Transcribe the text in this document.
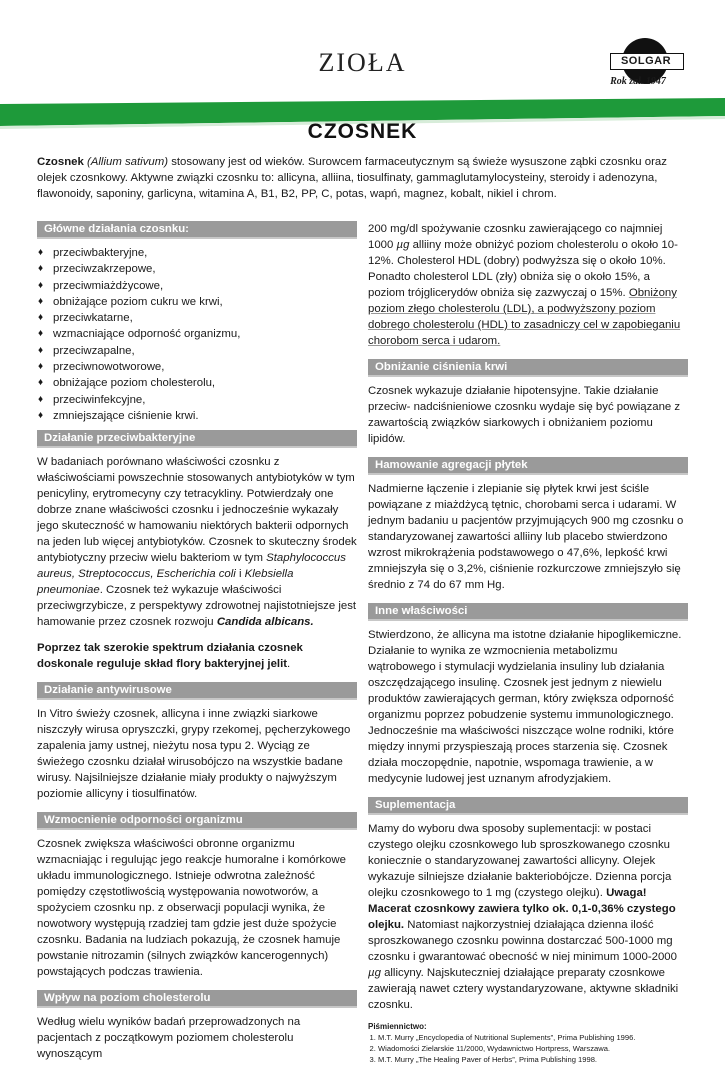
ZIOŁA	SOLGAR
Rok zał. 1947
CZOSNEK
Czosnek (Allium sativum) stosowany jest od wieków. Surowcem farmaceutycznym są świeże wysuszone ząbki czosnku oraz olejek czosnkowy. Aktywne związki czosnku to: allicyna, alliina, tiosulfinaty, gammaglutamylocysteiny, steroidy i adenozyna, flawonoidy, saponiny, garlicyna, witamina A, B1, B2, PP, C, potas, wapń, magnez, kobalt, nikiel i chrom.
Główne działania czosnku:
♦ przeciwbakteryjne,
♦ przeciwzakrzepowe,
♦ przeciwmiażdżycowe,
♦ obniżające poziom cukru we krwi,
♦ przeciwkatarne,
♦ wzmacniające odporność organizmu,
♦ przeciwzapalne,
♦ przeciwnowotworowe,
♦ obniżające poziom cholesterolu,
♦ przeciwinfekcyjne,
♦ zmniejszające ciśnienie krwi.
Działanie przeciwbakteryjne

W badaniach porównano właściwości czosnku z właściwościami powszechnie stosowanych antybiotyków w tym penicyliny, erytromecyny czy tetracykliny. Potwierdzały one dobrze znane właściwości czosnku i jednocześnie wykazały jego skuteczność w hamowaniu niektórych bakterii odpornych na jeden lub więcej antybiotyków. Czosnek to skuteczny środek antybiotyczny przeciw wielu bakteriom w tym Staphylococcus aureus, Streptococcus, Escherichia coli i Klebsiella pneumoniae. Czosnek też wykazuje właściwości przeciwgrzybicze, z perspektywy zdrowotnej najistotniejsze jest hamowanie przez czosnek rozwoju Candida albicans.

Poprzez tak szerokie spektrum działania czosnek doskonale reguluje skład flory bakteryjnej jelit.

Działanie antywirusowe

In Vitro świeży czosnek, allicyna i inne związki siarkowe niszczyły wirusa opryszczki, grypy rzekomej, pęcherzykowego zapalenia jamy ustnej, nieżytu nosa typu 2. Wyciąg ze świeżego czosnku działał wirusobójczo na wszystkie badane wirusy. Najsilniejsze działanie miały produkty o najwyższym poziomie allicyny i tiosulfinatów.

Wzmocnienie odporności organizmu

Czosnek zwiększa właściwości obronne organizmu wzmacniając i regulując jego reakcje humoralne i komórkowe układu immunologicznego. Istnieje odwrotna zależność pomiędzy częstotliwością występowania nowotworów, a spożyciem czosnku np. z obserwacji populacji wynika, że nowotwory występują rzadziej tam gdzie jest duże spożycie czosnku. Badania na ludziach pokazują, że czosnek hamuje powstanie nitrozamin (silnych związków kancerogennych) powstających podczas trawienia.

Wpływ na poziom cholesterolu

Według wielu wyników badań przeprowadzonych na pacjentach z początkowym poziomem cholesterolu wynoszącym

200 mg/dl spożywanie czosnku zawierającego co najmniej 1000 µg alliiny może obniżyć poziom cholesterolu o około 10-12%. Cholesterol HDL (dobry) podwyższa się o około 10%. Ponadto cholesterol LDL (zły) obniża się o około 15%, a poziom trójglicerydów obniża się zazwyczaj o 15%. Obniżony poziom złego cholesterolu (LDL), a podwyższony poziom dobrego cholesterolu (HDL) to zasadniczy cel w zapobieganiu chorobom serca i udarom.

Obniżanie ciśnienia krwi

Czosnek wykazuje działanie hipotensyjne. Takie działanie przeciw- nadciśnieniowe czosnku wydaje się być powiązane z zawartością związków siarkowych i obniżaniem poziomu lipidów.

Hamowanie agregacji płytek

Nadmierne łączenie i zlepianie się płytek krwi jest ściśle powiązane z miażdżycą tętnic, chorobami serca i udarami. W jednym badaniu u pacjentów przyjmujących 900 mg czosnku o standaryzowanej zawartości alliiny lub placebo stwierdzono wzrost mikrokrążenia podstawowego o 47,6%, lepkość krwi zmniejszyła się o 3,2%, ciśnienie rozkurczowe zmniejszyło się średnio z 74 do 67 mm Hg.

Inne właściwości

Stwierdzono, że allicyna ma istotne działanie hipoglikemiczne. Działanie to wynika ze wzmocnienia metabolizmu wątrobowego i stymulacji wydzielania insuliny lub działania oszczędzającego insulinę. Czosnek jest jednym z niewielu produktów zawierających german, który zwiększa odporność organizmu poprzez pobudzenie systemu immunologicznego. Jednocześnie ma właściwości niszczące wolne rodniki, które między innymi przyspieszają proces starzenia się. Czosnek działa moczopędnie, napotnie, wspomaga trawienie, a w medycynie ludowej jest uznanym afrodyzjakiem.

Suplementacja

Mamy do wyboru dwa sposoby suplementacji: w postaci czystego olejku czosnkowego lub sproszkowanego czosnku koniecznie o standaryzowanej zawartości allicyny. Olejek wykazuje silniejsze działanie bakteriobójcze. Dzienna porcja olejku czosnkowego to 1 mg (czystego olejku). Uwaga! Macerat czosnkowy zawiera tylko ok. 0,1-0,36% czystego olejku. Natomiast najkorzystniej działająca dzienna ilość sproszkowanego czosnku powinna dostarczać 500-1000 mg czosnku i gwarantować obecność w niej minimum 1000-2000 µg allicyny. Najskuteczniej działające preparaty czosnkowe zawierają nawet cztery wystandaryzowane, aktywne składniki czosnku.

Piśmiennictwo:
1. M.T. Murry „Encyclopedia of Nutritional Suplements”, Prima Publishing 1996.
2. Wiadomości Zielarskie 11/2000, Wydawnictwo Hortpress, Warszawa.
3. M.T. Murry „The Healing Paver of Herbs”, Prima Publishing 1998.
